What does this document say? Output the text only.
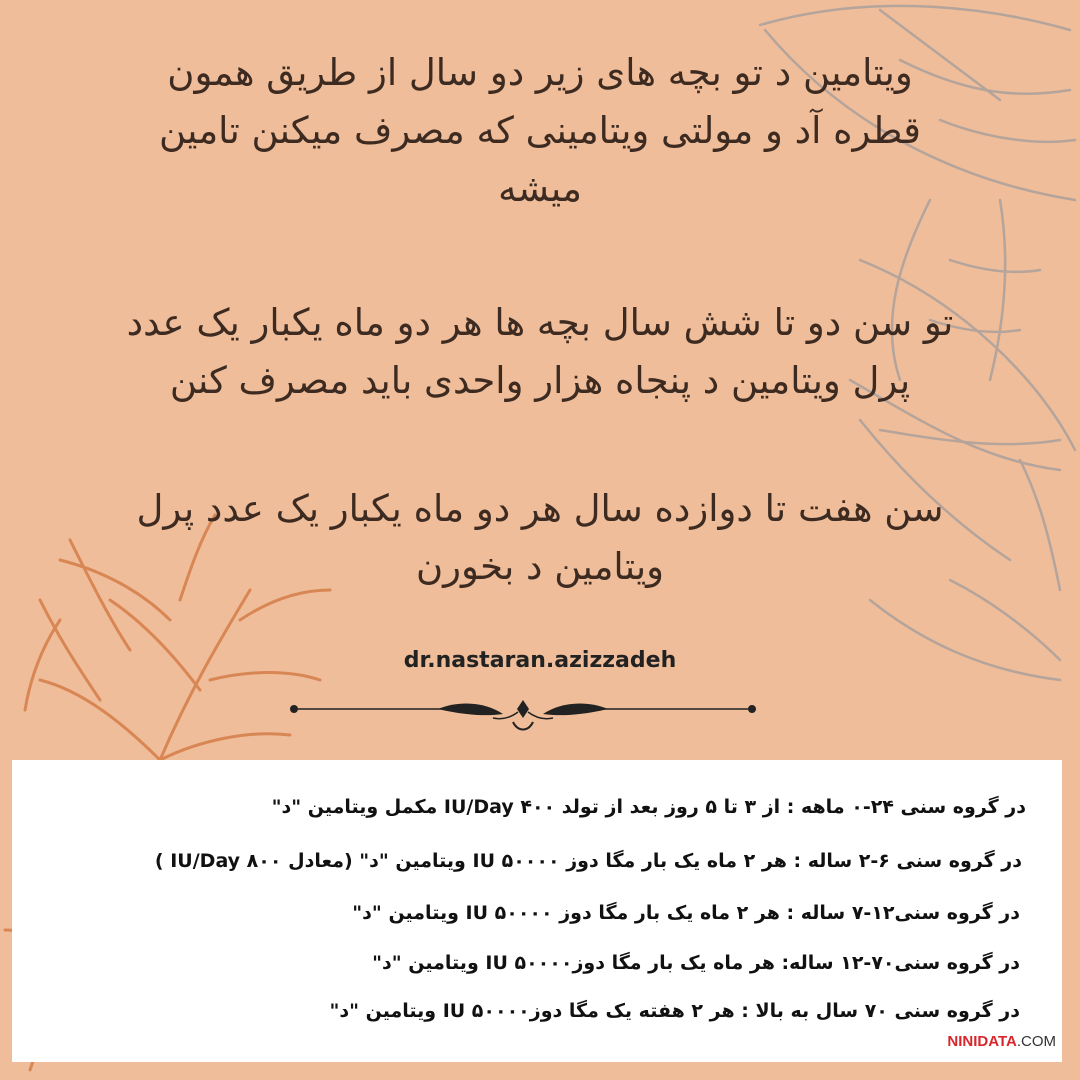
ویتامین د تو بچه های زیر دو سال از طریق همون
قطره آد و مولتی ویتامینی که مصرف میکنن تامین
میشه
تو سن دو تا شش سال بچه ها هر دو ماه یکبار یک عدد
پرل ویتامین د پنجاه هزار واحدی باید مصرف کنن
سن هفت تا دوازده سال هر دو ماه یکبار یک عدد پرل
ویتامین د بخورن
dr.nastaran.azizzadeh
در گروه سنی ۲۴-۰ ماهه : از ۳ تا ۵ روز بعد از تولد IU/Day ۴۰۰ مکمل ویتامین "د"
در گروه سنی ۶-۲ ساله : هر ۲ ماه یک بار مگا دوز IU ۵۰۰۰۰ ویتامین "د" (معادل IU/Day ۸۰۰ )
در گروه سنی۱۲-۷ ساله : هر ۲ ماه یک بار مگا دوز IU ۵۰۰۰۰ ویتامین "د"
در گروه سنی۷۰-۱۲ ساله: هر ماه یک بار مگا دوزIU ۵۰۰۰۰ ویتامین "د"
در گروه سنی ۷۰ سال به بالا : هر ۲ هفته یک مگا دوزIU ۵۰۰۰۰ ویتامین "د"
NINIDATA.COM
